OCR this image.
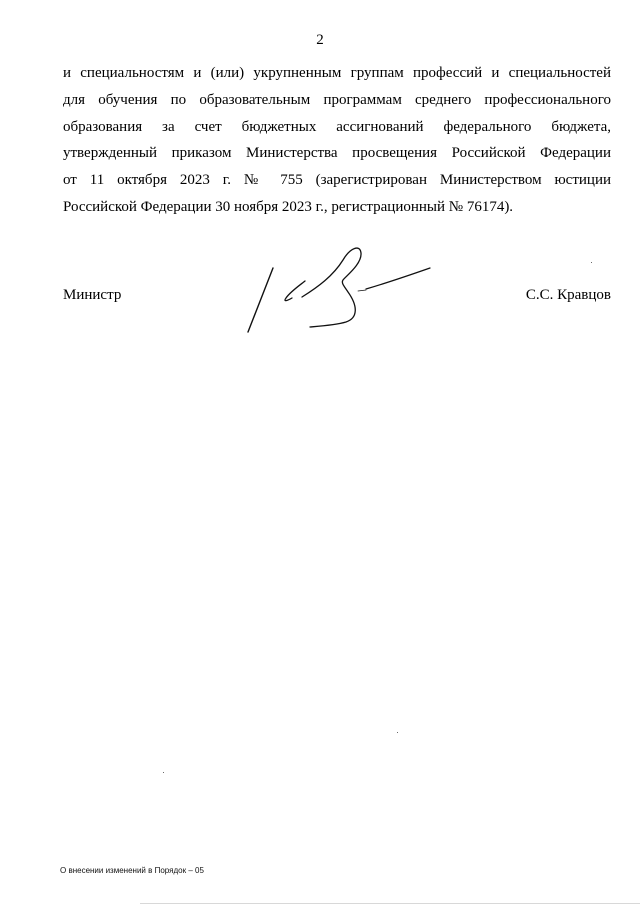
2
и специальностям и (или) укрупненным группам профессий и специальностей
для обучения по образовательным программам среднего профессионального
образования за счет бюджетных ассигнований федерального бюджета,
утвержденный приказом Министерства просвещения Российской Федерации
от 11 октября 2023 г. № 755 (зарегистрирован Министерством юстиции
Российской Федерации 30 ноября 2023 г., регистрационный № 76174).
Министр	С.С. Кравцов
О внесении изменений в Порядок – 05
